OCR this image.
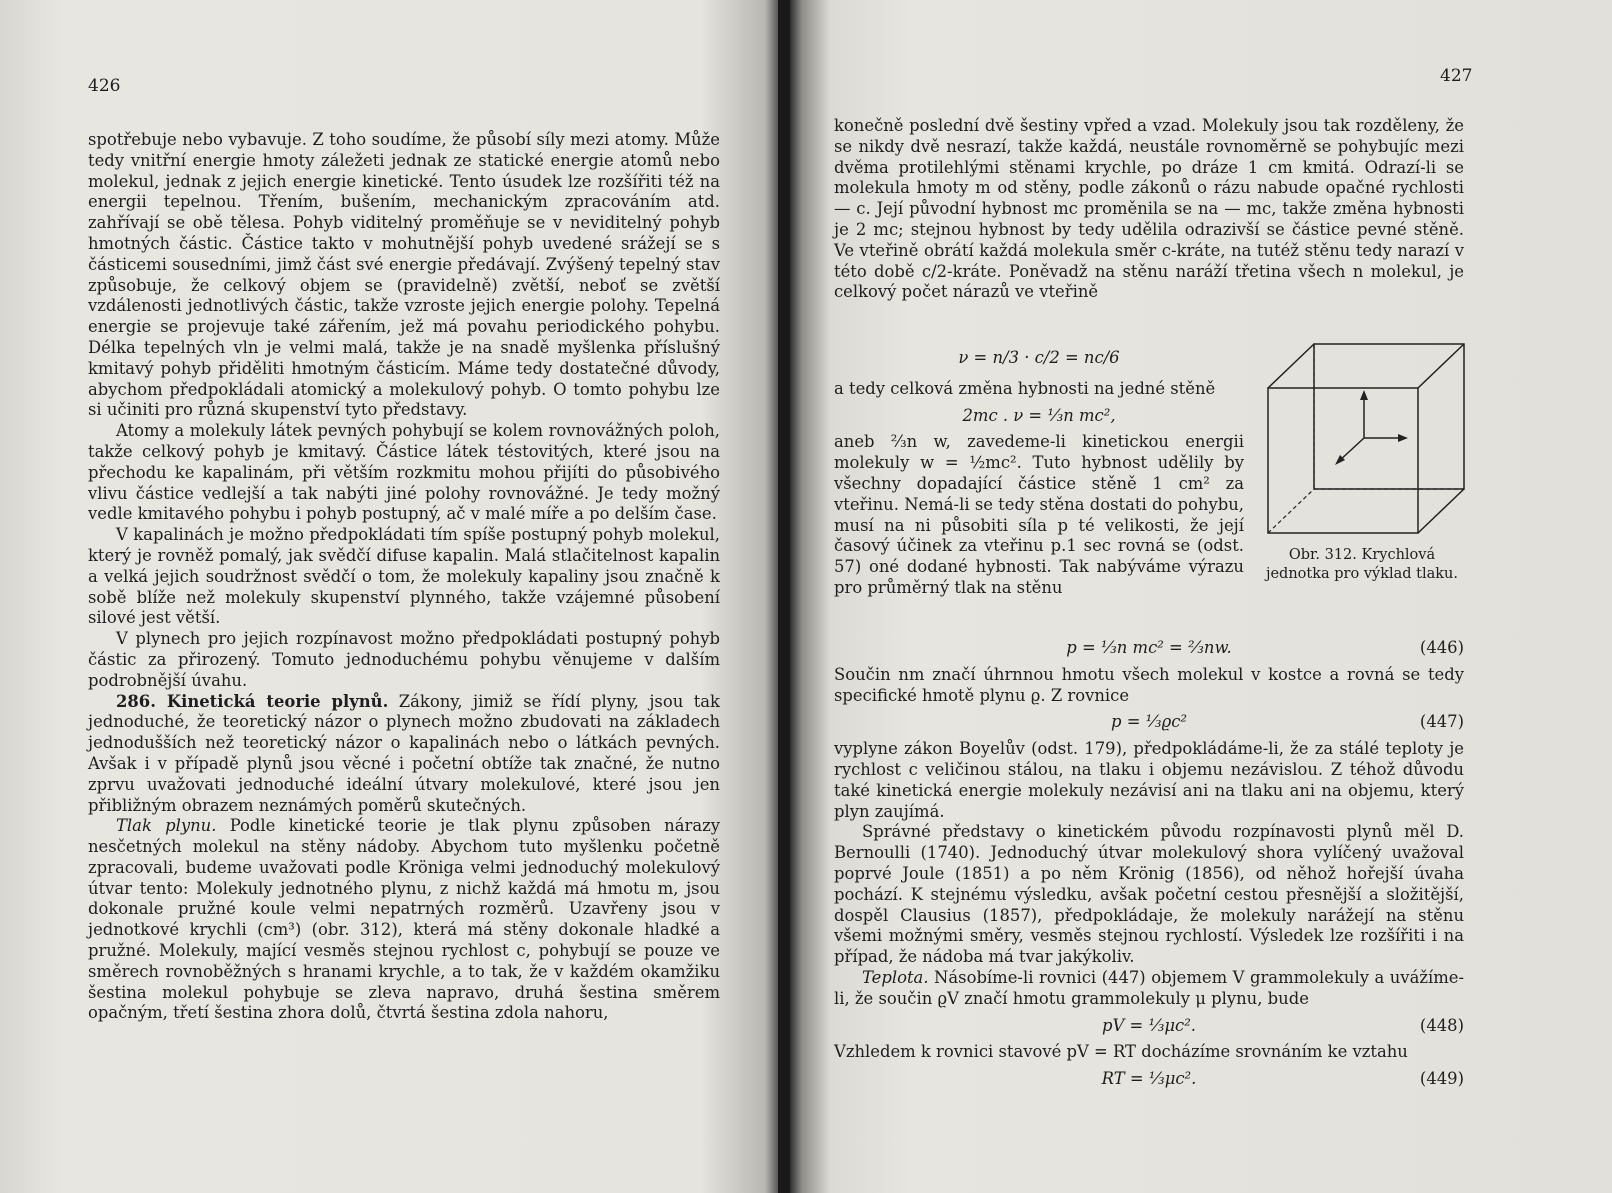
426

spotřebuje nebo vybavuje. Z toho soudíme, že působí síly mezi atomy. Může tedy vnitřní energie hmoty záležeti jednak ze statické energie atomů nebo molekul, jednak z jejich energie kinetické. Tento úsudek lze rozšířiti též na energii tepelnou. Třením, bušením, mechanickým zpracováním atd. zahřívají se obě tělesa. Pohyb viditelný proměňuje se v neviditelný pohyb hmotných částic. Částice takto v mohutnější pohyb uvedené srážejí se s částicemi sousedními, jimž část své energie předávají. Zvýšený tepelný stav způsobuje, že celkový objem se (pravidelně) zvětší, neboť se zvětší vzdálenosti jednotlivých částic, takže vzroste jejich energie polohy. Tepelná energie se projevuje také zářením, jež má povahu periodického pohybu. Délka tepelných vln je velmi malá, takže je na snadě myšlenka příslušný kmitavý pohyb přiděliti hmotným částicím. Máme tedy dostatečné důvody, abychom předpokládali atomický a molekulový pohyb. O tomto pohybu lze si učiniti pro různá skupenství tyto představy.

Atomy a molekuly látek pevných pohybují se kolem rovnovážných poloh, takže celkový pohyb je kmitavý. Částice látek téstovitých, které jsou na přechodu ke kapalinám, při větším rozkmitu mohou přijíti do působivého vlivu částice vedlejší a tak nabýti jiné polohy rovnovážné. Je tedy možný vedle kmitavého pohybu i pohyb postupný, ač v malé míře a po delším čase.

V kapalinách je možno předpokládati tím spíše postupný pohyb molekul, který je rovněž pomalý, jak svědčí difuse kapalin. Malá stlačitelnost kapalin a velká jejich soudržnost svědčí o tom, že molekuly kapaliny jsou značně k sobě blíže než molekuly skupenství plynného, takže vzájemné působení silové jest větší.

V plynech pro jejich rozpínavost možno předpokládati postupný pohyb částic za přirozený. Tomuto jednoduchému pohybu věnujeme v dalším podrobnější úvahu.

286. Kinetická teorie plynů. Zákony, jimiž se řídí plyny, jsou tak jednoduché, že teoretický názor o plynech možno zbudovati na základech jednodušších než teoretický názor o kapalinách nebo o látkách pevných. Avšak i v případě plynů jsou věcné i početní obtíže tak značné, že nutno zprvu uvažovati jednoduché ideální útvary molekulové, které jsou jen přibližným obrazem neznámých poměrů skutečných.

Tlak plynu. Podle kinetické teorie je tlak plynu způsoben nárazy nesčetných molekul na stěny nádoby. Abychom tuto myšlenku početně zpracovali, budeme uvažovati podle Kröniga velmi jednoduchý molekulový útvar tento: Molekuly jednotného plynu, z nichž každá má hmotu m, jsou dokonale pružné koule velmi nepatrných rozměrů. Uzavřeny jsou v jednotkové krychli (cm³) (obr. 312), která má stěny dokonale hladké a pružné. Molekuly, mající vesměs stejnou rychlost c, pohybují se pouze ve směrech rovnoběžných s hranami krychle, a to tak, že v každém okamžiku šestina molekul pohybuje se zleva napravo, druhá šestina směrem opačným, třetí šestina zhora dolů, čtvrtá šestina zdola nahoru,

427

konečně poslední dvě šestiny vpřed a vzad. Molekuly jsou tak rozděleny, že se nikdy dvě nesrazí, takže každá, neustále rovnoměrně se pohybujíc mezi dvěma protilehlými stěnami krychle, po dráze 1 cm kmitá. Odrazí-li se molekula hmoty m od stěny, podle zákonů o rázu nabude opačné rychlosti — c. Její původní hybnost mc proměnila se na — mc, takže změna hybnosti je 2 mc; stejnou hybnost by tedy udělila odrazivší se částice pevné stěně. Ve vteřině obrátí každá molekula směr c-kráte, na tutéž stěnu tedy narazí v této době c/2-kráte. Poněvadž na stěnu naráží třetina všech n molekul, je celkový počet nárazů ve vteřině

ν = n/3 · c/2 = nc/6

a tedy celková změna hybnosti na jedné stěně

2mc . ν = ⅓n mc²,

aneb ⅔n w, zavedeme-li kinetickou energii molekuly w = ½mc². Tuto hybnost udělily by všechny dopadající částice stěně 1 cm² za vteřinu. Nemá-li se tedy stěna dostati do pohybu, musí na ni působiti síla p té velikosti, že její časový účinek za vteřinu p.1 sec rovná se (odst. 57) oné dodané hybnosti. Tak nabýváme výrazu pro průměrný tlak na stěnu

Obr. 312. Krychlová jednotka pro výklad tlaku.
p = ⅓n mc² = ⅔nw.	(446)

Součin nm značí úhrnnou hmotu všech molekul v kostce a rovná se tedy specifické hmotě plynu ϱ. Z rovnice

p = ⅓ϱc²	(447)

vyplyne zákon Boyelův (odst. 179), předpokládáme-li, že za stálé teploty je rychlost c veličinou stálou, na tlaku i objemu nezávislou. Z téhož důvodu také kinetická energie molekuly nezávisí ani na tlaku ani na objemu, který plyn zaujímá.

Správné představy o kinetickém původu rozpínavosti plynů měl D. Bernoulli (1740). Jednoduchý útvar molekulový shora vylíčený uvažoval poprvé Joule (1851) a po něm Krönig (1856), od něhož hořejší úvaha pochází. K stejnému výsledku, avšak početní cestou přesnější a složitější, dospěl Clausius (1857), předpokládaje, že molekuly narážejí na stěnu všemi možnými směry, vesměs stejnou rychlostí. Výsledek lze rozšířiti i na případ, že nádoba má tvar jakýkoliv.

Teplota. Násobíme-li rovnici (447) objemem V grammolekuly a uvážíme-li, že součin ϱV značí hmotu grammolekuly μ plynu, bude

pV = ⅓μc².	(448)

Vzhledem k rovnici stavové pV = RT docházíme srovnáním ke vztahu

RT = ⅓μc².	(449)
